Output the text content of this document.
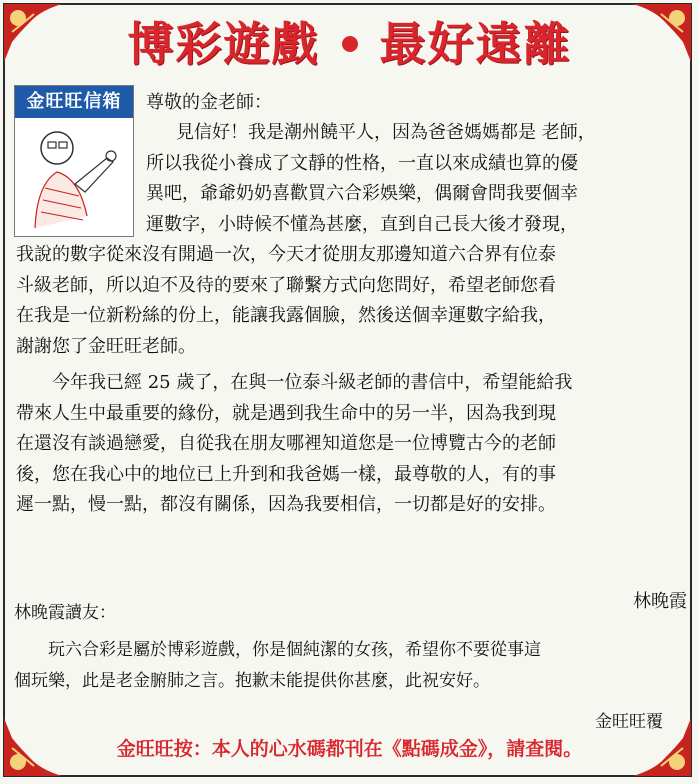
博彩遊戲 最好遠離
金旺旺信箱	尊敬的金老師：
見信好！我是潮州饒平人，因為爸爸媽媽都是 老師，
所以我從小養成了文靜的性格，一直以來成績也算的優
異吧，爺爺奶奶喜歡買六合彩娛樂，偶爾會問我要個幸
運數字，小時候不懂為甚麼，直到自己長大後才發現，
我說的數字從來沒有開過一次，今天才從朋友那邊知道六合界有位泰
斗級老師，所以迫不及待的要來了聯繫方式向您問好，希望老師您看
在我是一位新粉絲的份上，能讓我露個臉，然後送個幸運數字給我，
謝謝您了金旺旺老師。
　　今年我已經 25 歲了，在與一位泰斗級老師的書信中，希望能給我
帶來人生中最重要的緣份，就是遇到我生命中的另一半，因為我到現
在還沒有談過戀愛，自從我在朋友哪裡知道您是一位博覽古今的老師
後，您在我心中的地位已上升到和我爸媽一樣，最尊敬的人，有的事
遲一點，慢一點，都沒有關係，因為我要相信，一切都是好的安排。
林晚霞
林晚霞讀友：
　　玩六合彩是屬於博彩遊戲，你是個純潔的女孩，希望你不要從事這
個玩樂，此是老金腑肺之言。抱歉未能提供你甚麼，此祝安好。
金旺旺覆
金旺旺按：本人的心水碼都刊在《點碼成金》，請查閱。
